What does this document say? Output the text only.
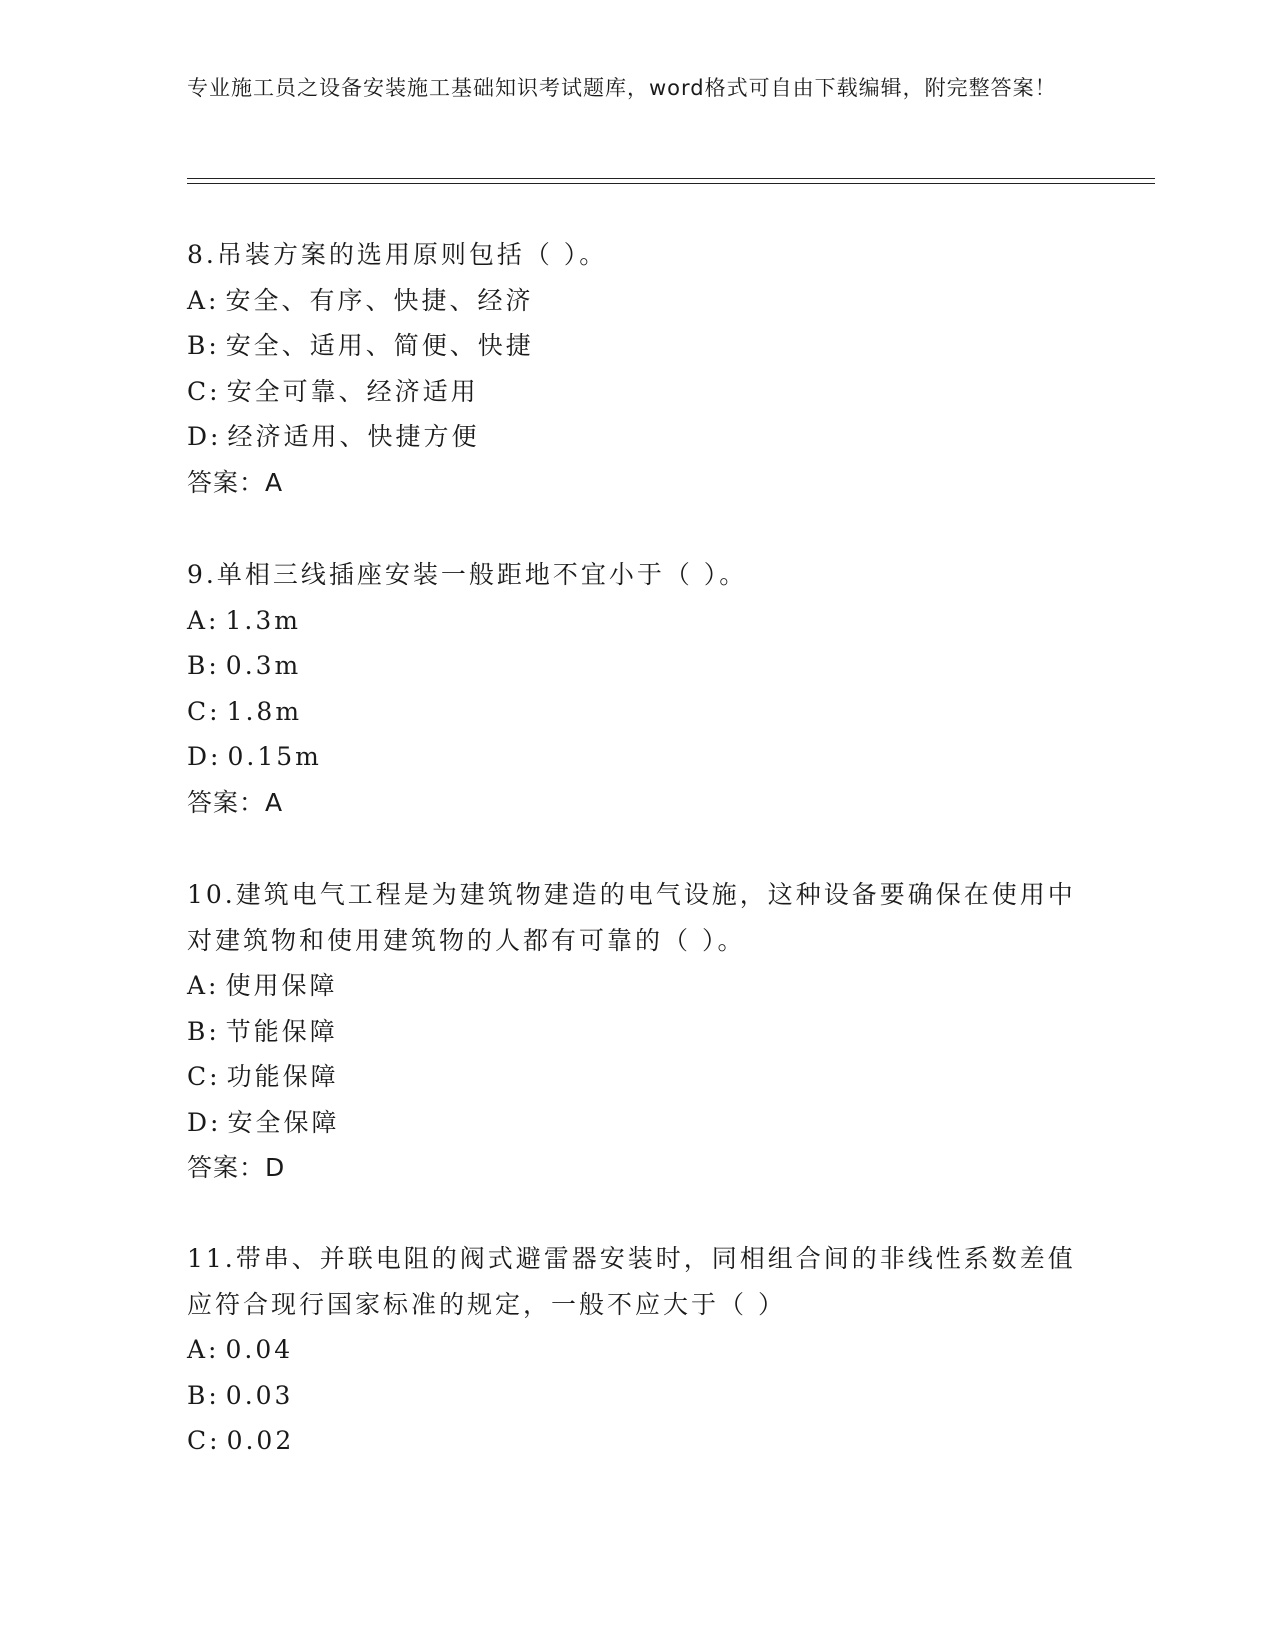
专业施工员之设备安装施工基础知识考试题库，word格式可自由下载编辑，附完整答案！

8.吊装方案的选用原则包括（ ）。

A: 安全、有序、快捷、经济

B: 安全、适用、简便、快捷

C: 安全可靠、经济适用

D: 经济适用、快捷方便

答案：A

9.单相三线插座安装一般距地不宜小于（ ）。

A: 1.3m

B: 0.3m

C: 1.8m

D: 0.15m

答案：A

10.建筑电气工程是为建筑物建造的电气设施，这种设备要确保在使用中对建筑物和使用建筑物的人都有可靠的（ ）。

A: 使用保障

B: 节能保障

C: 功能保障

D: 安全保障

答案：D

11.带串、并联电阻的阀式避雷器安装时，同相组合间的非线性系数差值应符合现行国家标准的规定，一般不应大于（ ）

A: 0.04

B: 0.03

C: 0.02
